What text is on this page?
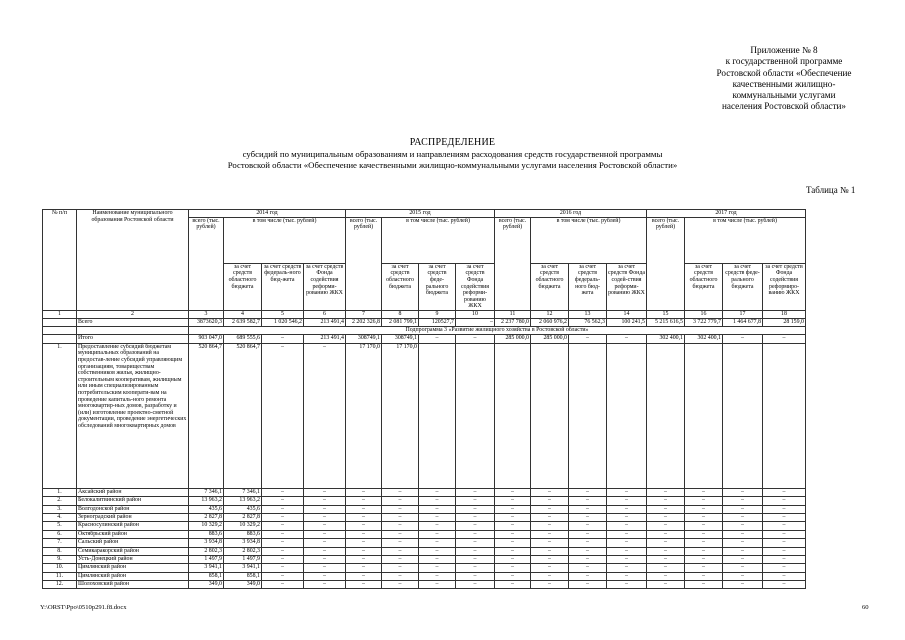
Приложение № 8
к государственной программе
Ростовской области «Обеспечение
качественными жилищно-
коммунальными услугами
населения Ростовской области»
РАСПРЕДЕЛЕНИЕ
субсидий по муниципальным образованиям и направлениям расходования средств государственной программы
Ростовской области «Обеспечение качественными жилищно-коммунальными услугами населения Ростовской области»
Таблица № 1
№ п/п	Наименование муниципального образования Ростовской области	2014 год				2015 год				2016 год				2017 год			
		всего (тыс. рублей)	в том числе (тыс. рублей)			всего (тыс. рублей)	в том числе (тыс. рублей)			всего (тыс. рублей)	в том числе (тыс. рублей)			всего (тыс. рублей)	в том числе (тыс. рублей)		
			за счет средств областного бюджета	за счет средств федераль-ного бюд-жета	за счет средств Фонда содействия реформи-рованию ЖКХ		за счет средств областного бюджета	за счет средств феде-рального бюджета	за счет средств Фонда содействия реформи-рованию ЖКХ		за счет средств областного бюджета	за счет средств федераль-ного бюд-жета	за счет средств Фонда содей-ствия реформи-рованию ЖКХ		за счет средств областного бюджета	за счет средств феде-рального бюджета	за счет средств Фонда содействия реформиро-ванию ЖКХ
1	2	3	4	5	6	7	8	9	10	11	12	13	14	15	16	17	18
	Всего	3873620,3	2 639 582,7	1 020 546,2	213 491,4	2 202 326,8	2 081 799,1	120527,7	–	2 237 780,0	2 060 976,2	76 562,3	100 241,5	5 215 616,5	3 722 779,7	1 464 677,8	28 159,0
		Подпрограмма 3 «Развитие жилищного хозяйства в Ростовской области»															
	Итого	903 047,0	689 555,6	–	213 491,4	308749,1	308749,1	–	–	285 000,0	285 000,0	–	–	302 400,1	302 400,1	–	–
1.	Предоставление субсидий бюджетам муниципальных образований на предостав-ление субсидий управляющим организациям, товариществам собственников жилья, жилищно-строительным кооперативам, жилищным или иным специализированным потребительским кооперати-вам на проведение капиталь-ного ремонта многоквартир-ных домов, разработку и (или) изготовление проектно-сметной документации, проведение энергетических обследований многоквартирных домов	520 864,7	520 864,7	–	–	17 170,0	17 170,0										
1.	Аксайский район	7 346,1	7 346,1	–	–	–	–	–	–	–	–	–	–	–	–	–	–
2.	Белокалитвинский район	13 963,2	13 963,2	–	–	–	–	–	–	–	–	–	–	–	–	–	–
3.	Волгодонской район	435,6	435,6	–	–	–	–	–	–	–	–	–	–	–	–	–	–
4.	Зерноградский район	2 827,8	2 827,8	–	–	–	–	–	–	–	–	–	–	–	–	–	–
5.	Красносулинский район	10 329,2	10 329,2	–	–	–	–	–	–	–	–	–	–	–	–	–	–
6.	Октябрьский район	883,6	883,6	–	–	–	–	–	–	–	–	–	–	–	–	–	–
7.	Сальский район	3 934,8	3 934,8	–	–	–	–	–	–	–	–	–	–	–	–	–	–
8.	Семикаракорский район	2 802,3	2 802,3	–	–	–	–	–	–	–	–	–	–	–	–	–	–
9.	Усть-Донецкий район	1 497,9	1 497,9	–	–	–	–	–	–	–	–	–	–	–	–	–	–
10.	Цимлянский район	3 941,1	3 941,1	–	–	–	–	–	–	–	–	–	–	–	–	–	–
11.	Цимлянский район	858,1	858,1	–	–	–	–	–	–	–	–	–	–	–	–	–	–
12.	Шолоховский район	349,0	349,0	–	–	–	–	–	–	–	–	–	–	–	–	–	–
Y:\ORST\Ppo\0510p291.f8.docx	60
